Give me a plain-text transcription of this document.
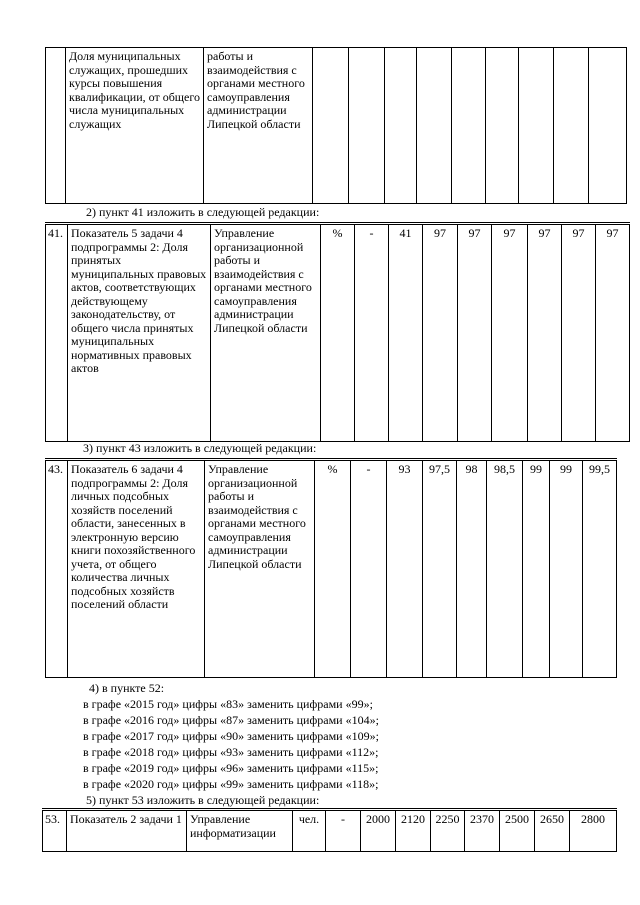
	Доля муниципальных служащих, прошедших курсы повышения квалификации, от общего числа муниципальных служащих	работы и взаимодействия с органами местного самоуправления администрации Липецкой области									
2) пункт 41 изложить в следующей редакции:
41.	Показатель 5 задачи 4 подпрограммы 2: Доля принятых муниципальных правовых актов, соответствующих действующему законодательству, от общего числа принятых муниципальных нормативных правовых актов	Управление организационной работы и взаимодействия с органами местного самоуправления администрации Липецкой области	%	-	41	97	97	97	97	97	97
3) пункт 43 изложить в следующей редакции:
43.	Показатель 6 задачи 4 подпрограммы 2: Доля личных подсобных хозяйств поселений области, занесенных в электронную версию книги похозяйственного учета, от общего количества личных подсобных хозяйств поселений области	Управление организационной работы и взаимодействия с органами местного самоуправления администрации Липецкой области	%	-	93	97,5	98	98,5	99	99	99,5
4) в пункте 52:
в графе «2015 год» цифры «83» заменить цифрами «99»;
в графе «2016 год» цифры «87» заменить цифрами «104»;
в графе «2017 год» цифры «90» заменить цифрами «109»;
в графе «2018 год» цифры «93» заменить цифрами «112»;
в графе «2019 год» цифры «96» заменить цифрами «115»;
в графе «2020 год» цифры «99» заменить цифрами «118»;
5) пункт 53 изложить в следующей редакции:
53.	Показатель 2 задачи 1	Управление информатизации	чел.	-	2000	2120	2250	2370	2500	2650	2800
